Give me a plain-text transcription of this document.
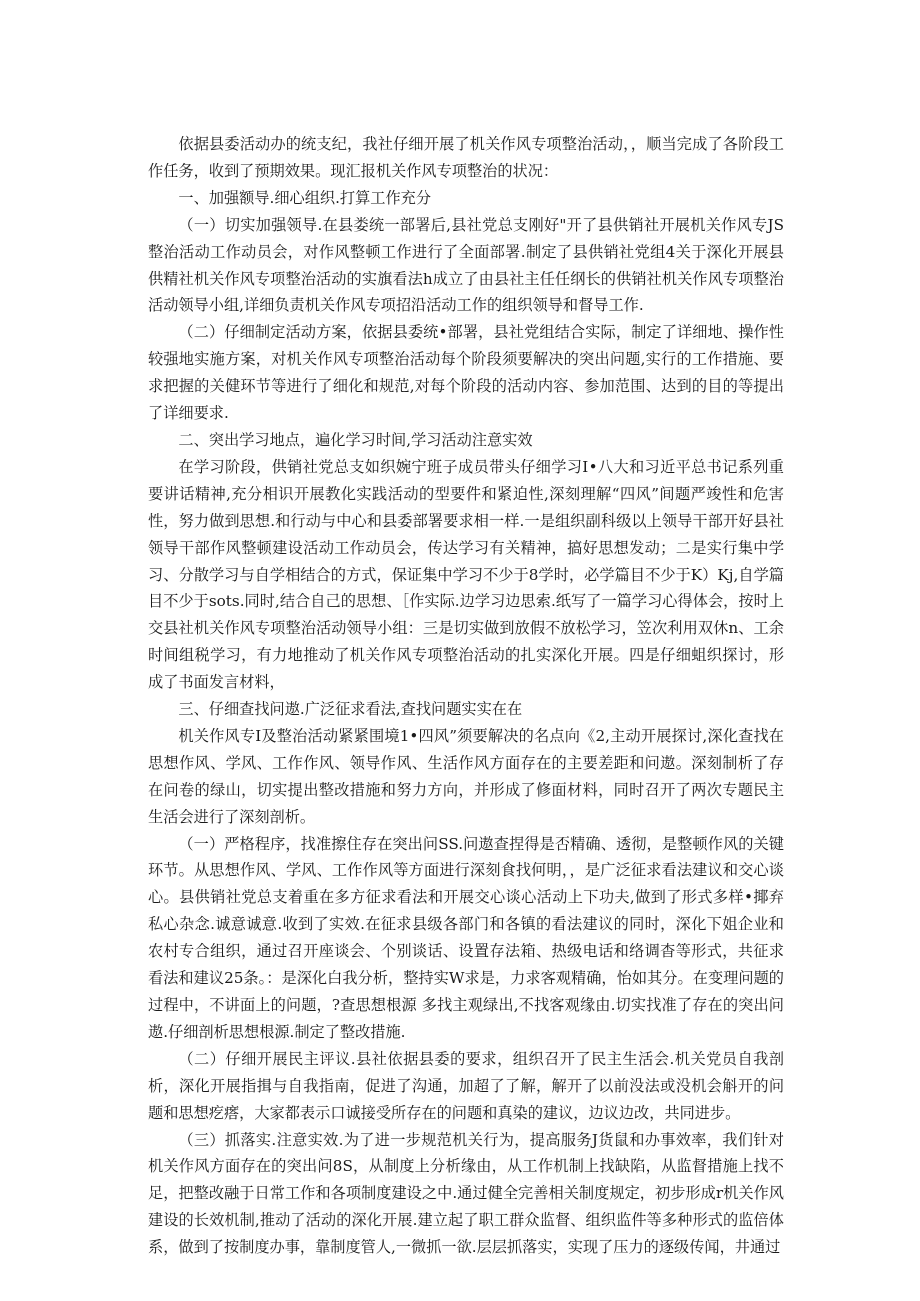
依据县委活动办的统支纪，我社仔细开展了机关作风专项整治活动，，顺当完成了各阶段工作任务，收到了预期效果。现汇报机关作风专项整治的状况：

一、加强额导.细心组织.打算工作充分

（一）切实加强领导.在县娄统一部署后,县社党总支刚好"开了县供销社开展机关作风专JS整治活动工作动员会，对作风整顿工作进行了全面部署.制定了县供销社党组4关于深化开展县供精社机关作风专项整治活动的实旗看法h成立了由县社主任任纲长的供销社机关作风专项整治活动领导小组,详细负责机关作风专项招沿活动工作的组织领导和督导工作.

（二）仔细制定活动方案，依据县委统•部署，县社党组结合实际，制定了详细地、操作性较强地实施方案，对机关作风专项整治活动每个阶段须要解决的突出问题,实行的工作措施、要求把握的关健环节等进行了细化和规范,对每个阶段的活动内容、参加范围、达到的目的等提出了详细要求.

二、突出学习地点，遍化学习时间,学习活动注意实效

在学习阶段，供销社党总支如织婉宁班子成员带头仔细学习Ⅰ•八大和习近平总书记系列重要讲话精神,充分相识开展教化实践活动的型要件和紧迫性,深刻理解“四风”间题严竣性和危害性，努力做到思想.和行动与中心和县委部署要求相一样.一是组织副科级以上领导干部开好县社领导干部作风整顿建设活动工作动员会，传达学习有关精神，搞好思想发动；二是实行集中学习、分散学习与自学相结合的方式，保证集中学习不少于8学时，必学篇目不少于K）Kj,自学篇目不少于sots.同时,结合自己的思想、［作实际.边学习边思索.纸写了一篇学习心得体会，按时上交县社机关作风专项整治活动领导小组：三是切实做到放假不放松学习，笠次利用双休n、工余时间组税学习，有力地推动了机关作风专项整治活动的扎实深化开展。四是仔细蛆织探讨，形成了书面发言材料，

三、仔细查找问遨.广泛征求看法,查找问题实实在在

机关作风专I及整治活动紧紧围境1•四风”须要解决的名点向《2,主动开展探讨,深化查找在思想作风、学风、工作作风、领导作风、生活作风方面存在的主要差距和问遨。深刻制析了存在问卷的绿山，切实提出整改措施和努力方向，并形成了修面材料，同时召开了两次专题民主生活会进行了深刻剖析。

（一）严格程序，找准擦住存在突出问SS.问遨查捏得是否精确、透彻，是整顿作风的关键环节。从思想作风、学风、工作作风等方面进行深刻食找何明，，是广泛征求看法建议和交心谈心。县供销社党总支着重在多方征求看法和开展交心谈心活动上下功夫,做到了形式多样•揶弃私心杂念.诚意诚意.收到了实效.在征求县级各部门和各镇的看法建议的同时，深化下姐企业和农村专合组织，通过召开座谈会、个别谈话、设置存法箱、热级电话和络调杳等形式，共征求看法和建议25条。：是深化白我分析，整持实W求是，力求客观精确，怡如其分。在变理问题的过程中，不讲面上的问题，?查思想根源 多找主观绿出,不找客观缘由.切实找准了存在的突出问遨.仔细剖析思想根源.制定了整改措施.

（二）仔细开展民主评议.县社依据县委的要求，组织召开了民主生活会.机关党员自我剖析，深化开展指揖与自我指南，促进了沟通，加超了了解，解开了以前没法或没机会斛开的问题和思想疙瘩，大家都表示口诚接受所存在的问题和真染的建议，边议边改，共同进步。

（三）抓落实.注意实效.为了进一步规范机关行为，提高服务J货鼠和办事效率，我们针对机关作风方面存在的突出问8S，从制度上分析缘由，从工作机制上找缺陷，从监督措施上找不足，把整改融于日常工作和各项制度建设之中.通过健全完善相关制度规定，初步形成r机关作风建设的长效机制,推动了活动的深化开展.建立起了职工群众监督、组织监件等多种形式的监倍体系，做到了按制度办事，靠制度管人,一微抓一欲.层层抓落实，实现了压力的逐级传闻，井通过
